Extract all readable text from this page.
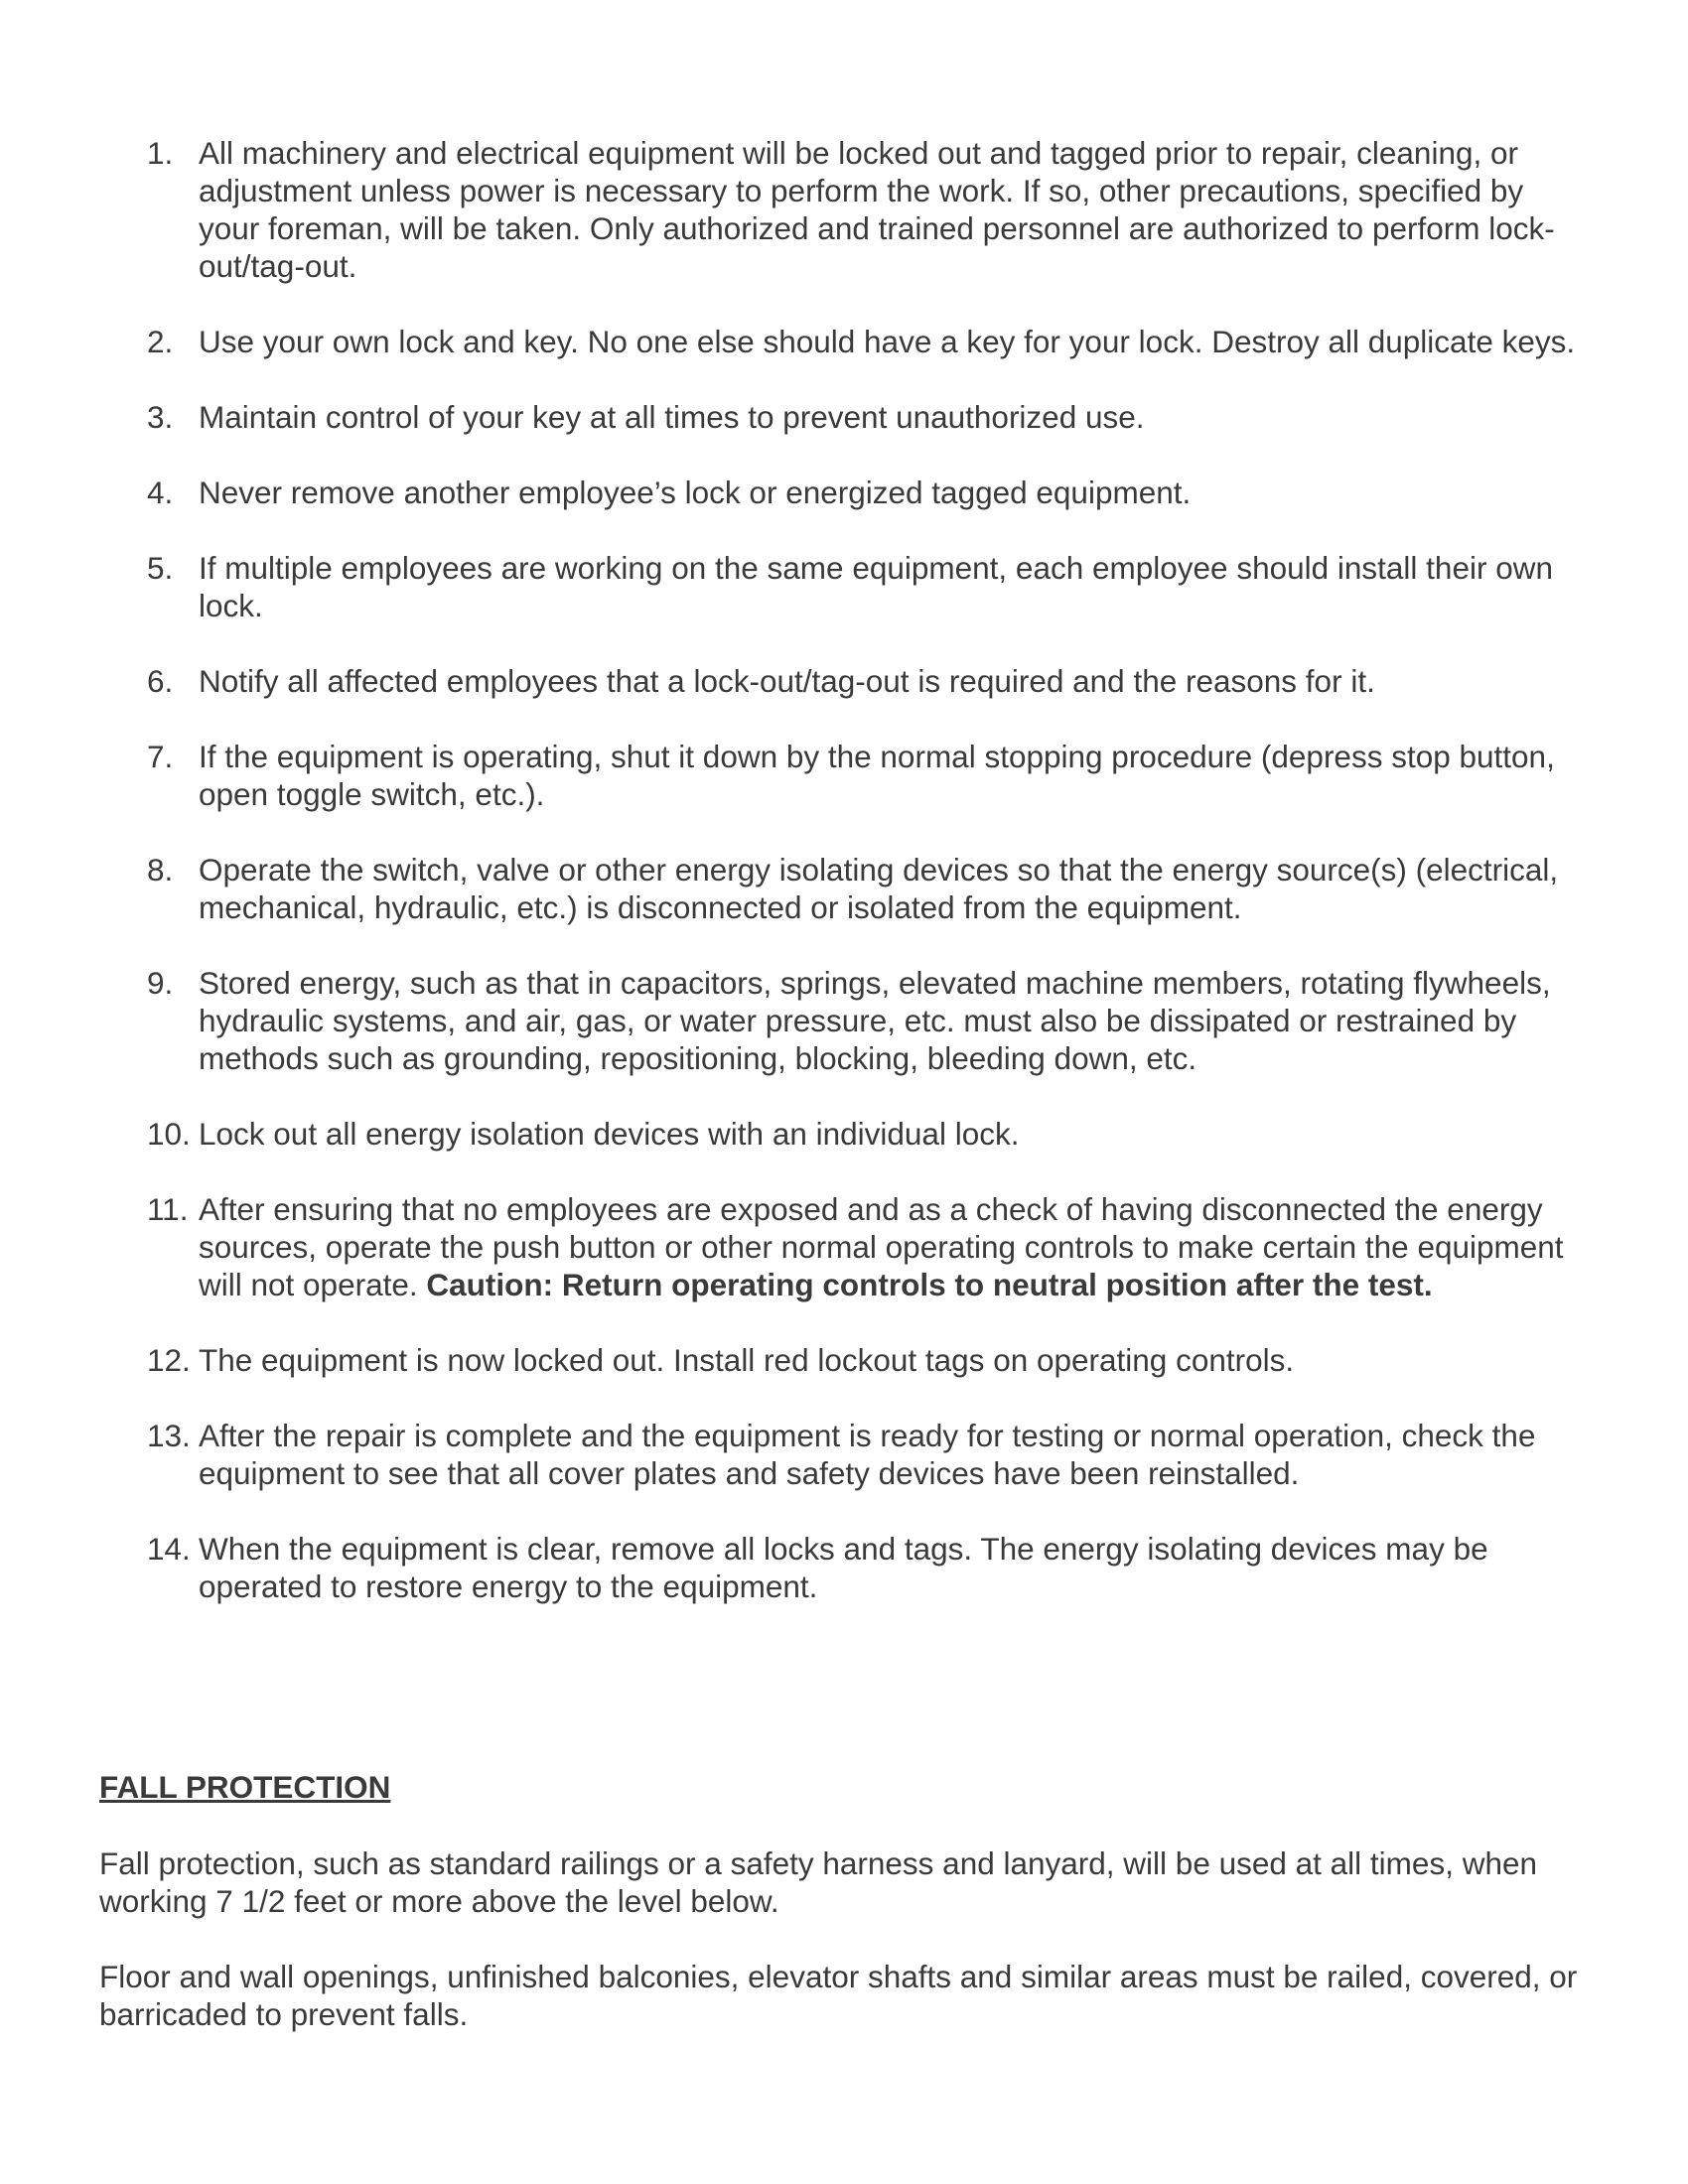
1. All machinery and electrical equipment will be locked out and tagged prior to repair, cleaning, or adjustment unless power is necessary to perform the work. If so, other precautions, specified by your foreman, will be taken. Only authorized and trained personnel are authorized to perform lock-out/tag-out.
2. Use your own lock and key. No one else should have a key for your lock. Destroy all duplicate keys.
3. Maintain control of your key at all times to prevent unauthorized use.
4. Never remove another employee’s lock or energized tagged equipment.
5. If multiple employees are working on the same equipment, each employee should install their own lock.
6. Notify all affected employees that a lock-out/tag-out is required and the reasons for it.
7. If the equipment is operating, shut it down by the normal stopping procedure (depress stop button, open toggle switch, etc.).
8. Operate the switch, valve or other energy isolating devices so that the energy source(s) (electrical, mechanical, hydraulic, etc.) is disconnected or isolated from the equipment.
9. Stored energy, such as that in capacitors, springs, elevated machine members, rotating flywheels, hydraulic systems, and air, gas, or water pressure, etc. must also be dissipated or restrained by methods such as grounding, repositioning, blocking, bleeding down, etc.
10. Lock out all energy isolation devices with an individual lock.
11. After ensuring that no employees are exposed and as a check of having disconnected the energy sources, operate the push button or other normal operating controls to make certain the equipment will not operate. Caution: Return operating controls to neutral position after the test.
12. The equipment is now locked out. Install red lockout tags on operating controls.
13. After the repair is complete and the equipment is ready for testing or normal operation, check the equipment to see that all cover plates and safety devices have been reinstalled.
14. When the equipment is clear, remove all locks and tags. The energy isolating devices may be operated to restore energy to the equipment.
FALL PROTECTION

Fall protection, such as standard railings or a safety harness and lanyard, will be used at all times, when working 7 1/2 feet or more above the level below.

Floor and wall openings, unfinished balconies, elevator shafts and similar areas must be railed, covered, or barricaded to prevent falls.
